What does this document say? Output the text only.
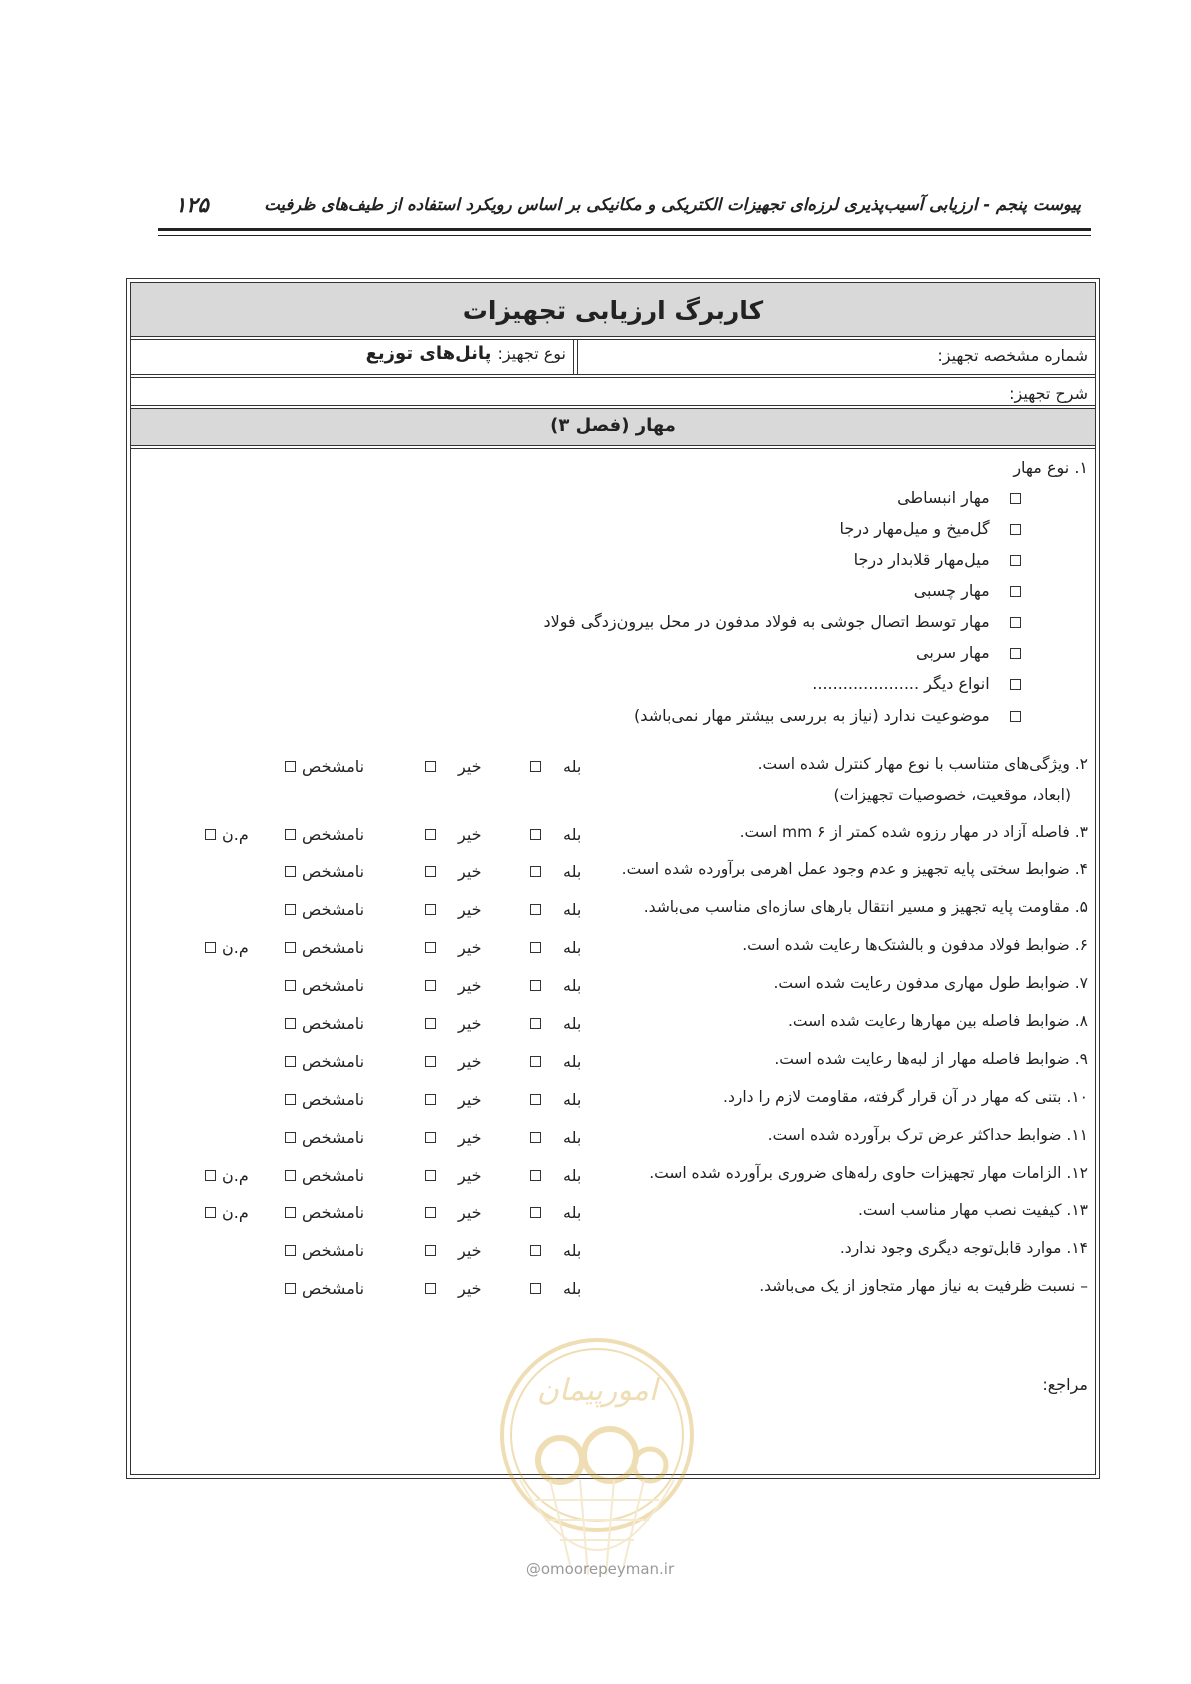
پیوست پنجم - ارزیابی آسیب‌پذیری لرزه‌ای تجهیزات الکتریکی و مکانیکی بر اساس رویکرد استفاده از طیف‌های ظرفیت
۱۲۵
کاربرگ ارزیابی تجهیزات
شماره مشخصه تجهیز:
نوع تجهیز:
پانل‌های توزیع
شرح تجهیز:
مهار (فصل ۳)
۱. نوع مهار
مهار انبساطی
گل‌میخ و میل‌مهار درجا
میل‌مهار قلابدار درجا
مهار چسبی
مهار توسط اتصال جوشی به فولاد مدفون در محل بیرون‌زدگی فولاد
مهار سربی
انواع دیگر .....................
موضوعیت ندارد (نیاز به بررسی بیشتر مهار نمی‌باشد)
۲. ویژگی‌های متناسب با نوع مهار کنترل شده است.
(ابعاد، موقعیت، خصوصیات تجهیزات)
بله
خیر
نامشخص
۳. فاصله آزاد در مهار رزوه شده کمتر از ۶ mm است.
بله
خیر
نامشخص
م.ن
۴. ضوابط سختی پایه تجهیز و عدم وجود عمل اهرمی برآورده شده است.
بله
خیر
نامشخص
۵. مقاومت پایه تجهیز و مسیر انتقال بارهای سازه‌ای مناسب می‌باشد.
بله
خیر
نامشخص
۶. ضوابط فولاد مدفون و بالشتک‌ها رعایت شده است.
بله
خیر
نامشخص
م.ن
۷. ضوابط طول مهاری مدفون رعایت شده است.
بله
خیر
نامشخص
۸. ضوابط فاصله بین مهارها رعایت شده است.
بله
خیر
نامشخص
۹. ضوابط فاصله مهار از لبه‌ها رعایت شده است.
بله
خیر
نامشخص
۱۰. بتنی که مهار در آن قرار گرفته، مقاومت لازم را دارد.
بله
خیر
نامشخص
۱۱. ضوابط حداکثر عرض ترک برآورده شده است.
بله
خیر
نامشخص
۱۲. الزامات مهار تجهیزات حاوی رله‌های ضروری برآورده شده است.
بله
خیر
نامشخص
م.ن
۱۳. کیفیت نصب مهار مناسب است.
بله
خیر
نامشخص
م.ن
۱۴. موارد قابل‌توجه دیگری وجود ندارد.
بله
خیر
نامشخص
– نسبت ظرفیت به نیاز مهار متجاوز از یک می‌باشد.
بله
خیر
نامشخص
مراجع:
امورپیمان
@omoorepeyman.ir
